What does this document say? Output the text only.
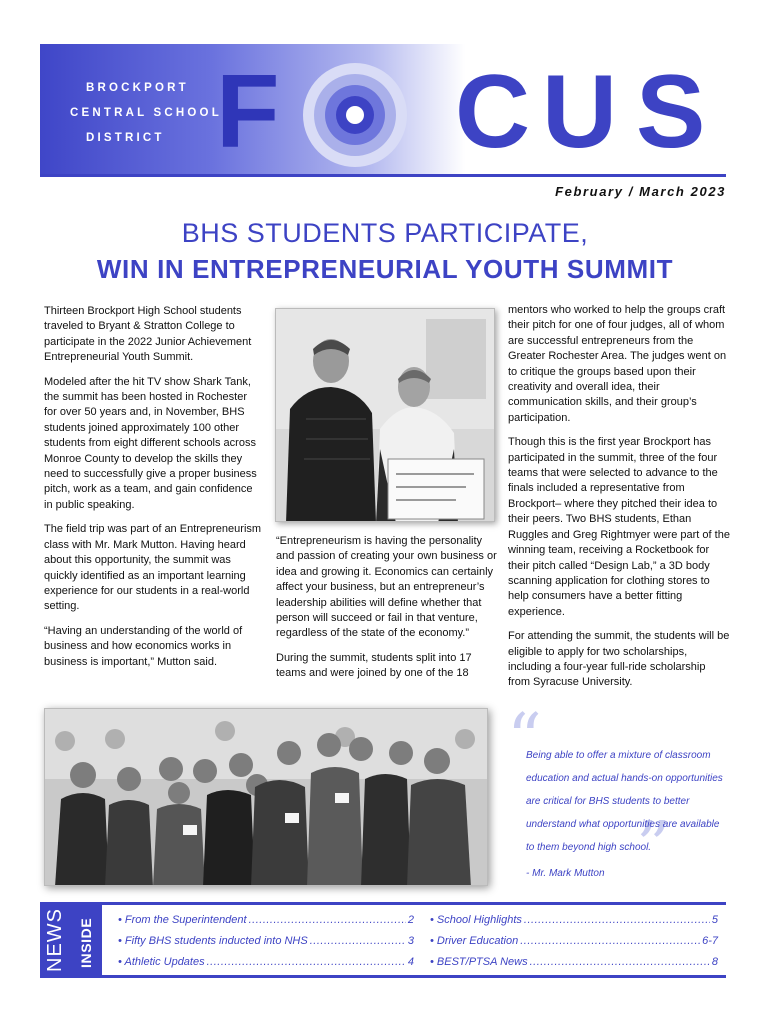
BROCKPORT
CENTRAL SCHOOL
DISTRICT F C U S
February / March 2023
BHS STUDENTS PARTICIPATE,
WIN IN ENTREPRENEURIAL YOUTH SUMMIT

Thirteen Brockport High School students traveled to Bryant & Stratton College to participate in the 2022 Junior Achievement Entrepreneurial Youth Summit.

Modeled after the hit TV show Shark Tank, the summit has been hosted in Rochester for over 50 years and, in November, BHS students joined approximately 100 other students from eight different schools across Monroe County to develop the skills they need to successfully give a proper business pitch, work as a team, and gain confidence in public speaking.

The field trip was part of an Entrepreneurism class with Mr. Mark Mutton. Having heard about this opportunity, the summit was quickly identified as an important learning experience for our students in a real-world setting.

“Having an understanding of the world of business and how economics works in business is important,” Mutton said.

“Entrepreneurism is having the personality and passion of creating your own business or idea and growing it. Economics can certainly affect your business, but an entrepreneur’s leadership abilities will define whether that person will succeed or fail in that venture, regardless of the state of the economy.”

During the summit, students split into 17 teams and were joined by one of the 18

mentors who worked to help the groups craft their pitch for one of four judges, all of whom are successful entrepreneurs from the Greater Rochester Area. The judges went on to critique the groups based upon their creativity and overall idea, their communication skills, and their group’s participation.

Though this is the first year Brockport has participated in the summit, three of the four teams that were selected to advance to the finals included a representative from Brockport– where they pitched their idea to their peers. Two BHS students, Ethan Ruggles and Greg Rightmyer were part of the winning team, receiving a Rocketbook for their pitch called “Design Lab,” a 3D body scanning application for clothing stores to help consumers have a better fitting experience.

For attending the summit, the students will be eligible to apply for two scholarships, including a four-year full-ride scholarship from Syracuse University.

“
”
Being able to offer a mixture of classroom education and actual hands-on opportunities are critical for BHS students to better understand what opportunities are available to them beyond high school.
- Mr. Mark Mutton
NEWS INSIDE • From the Superintendent .....	2
• Fifty BHS students inducted into NHS .....	3
• Athletic Updates .....	4
• School Highlights .....	5
• Driver Education .....	6-7
• BEST/PTSA News .....	8
